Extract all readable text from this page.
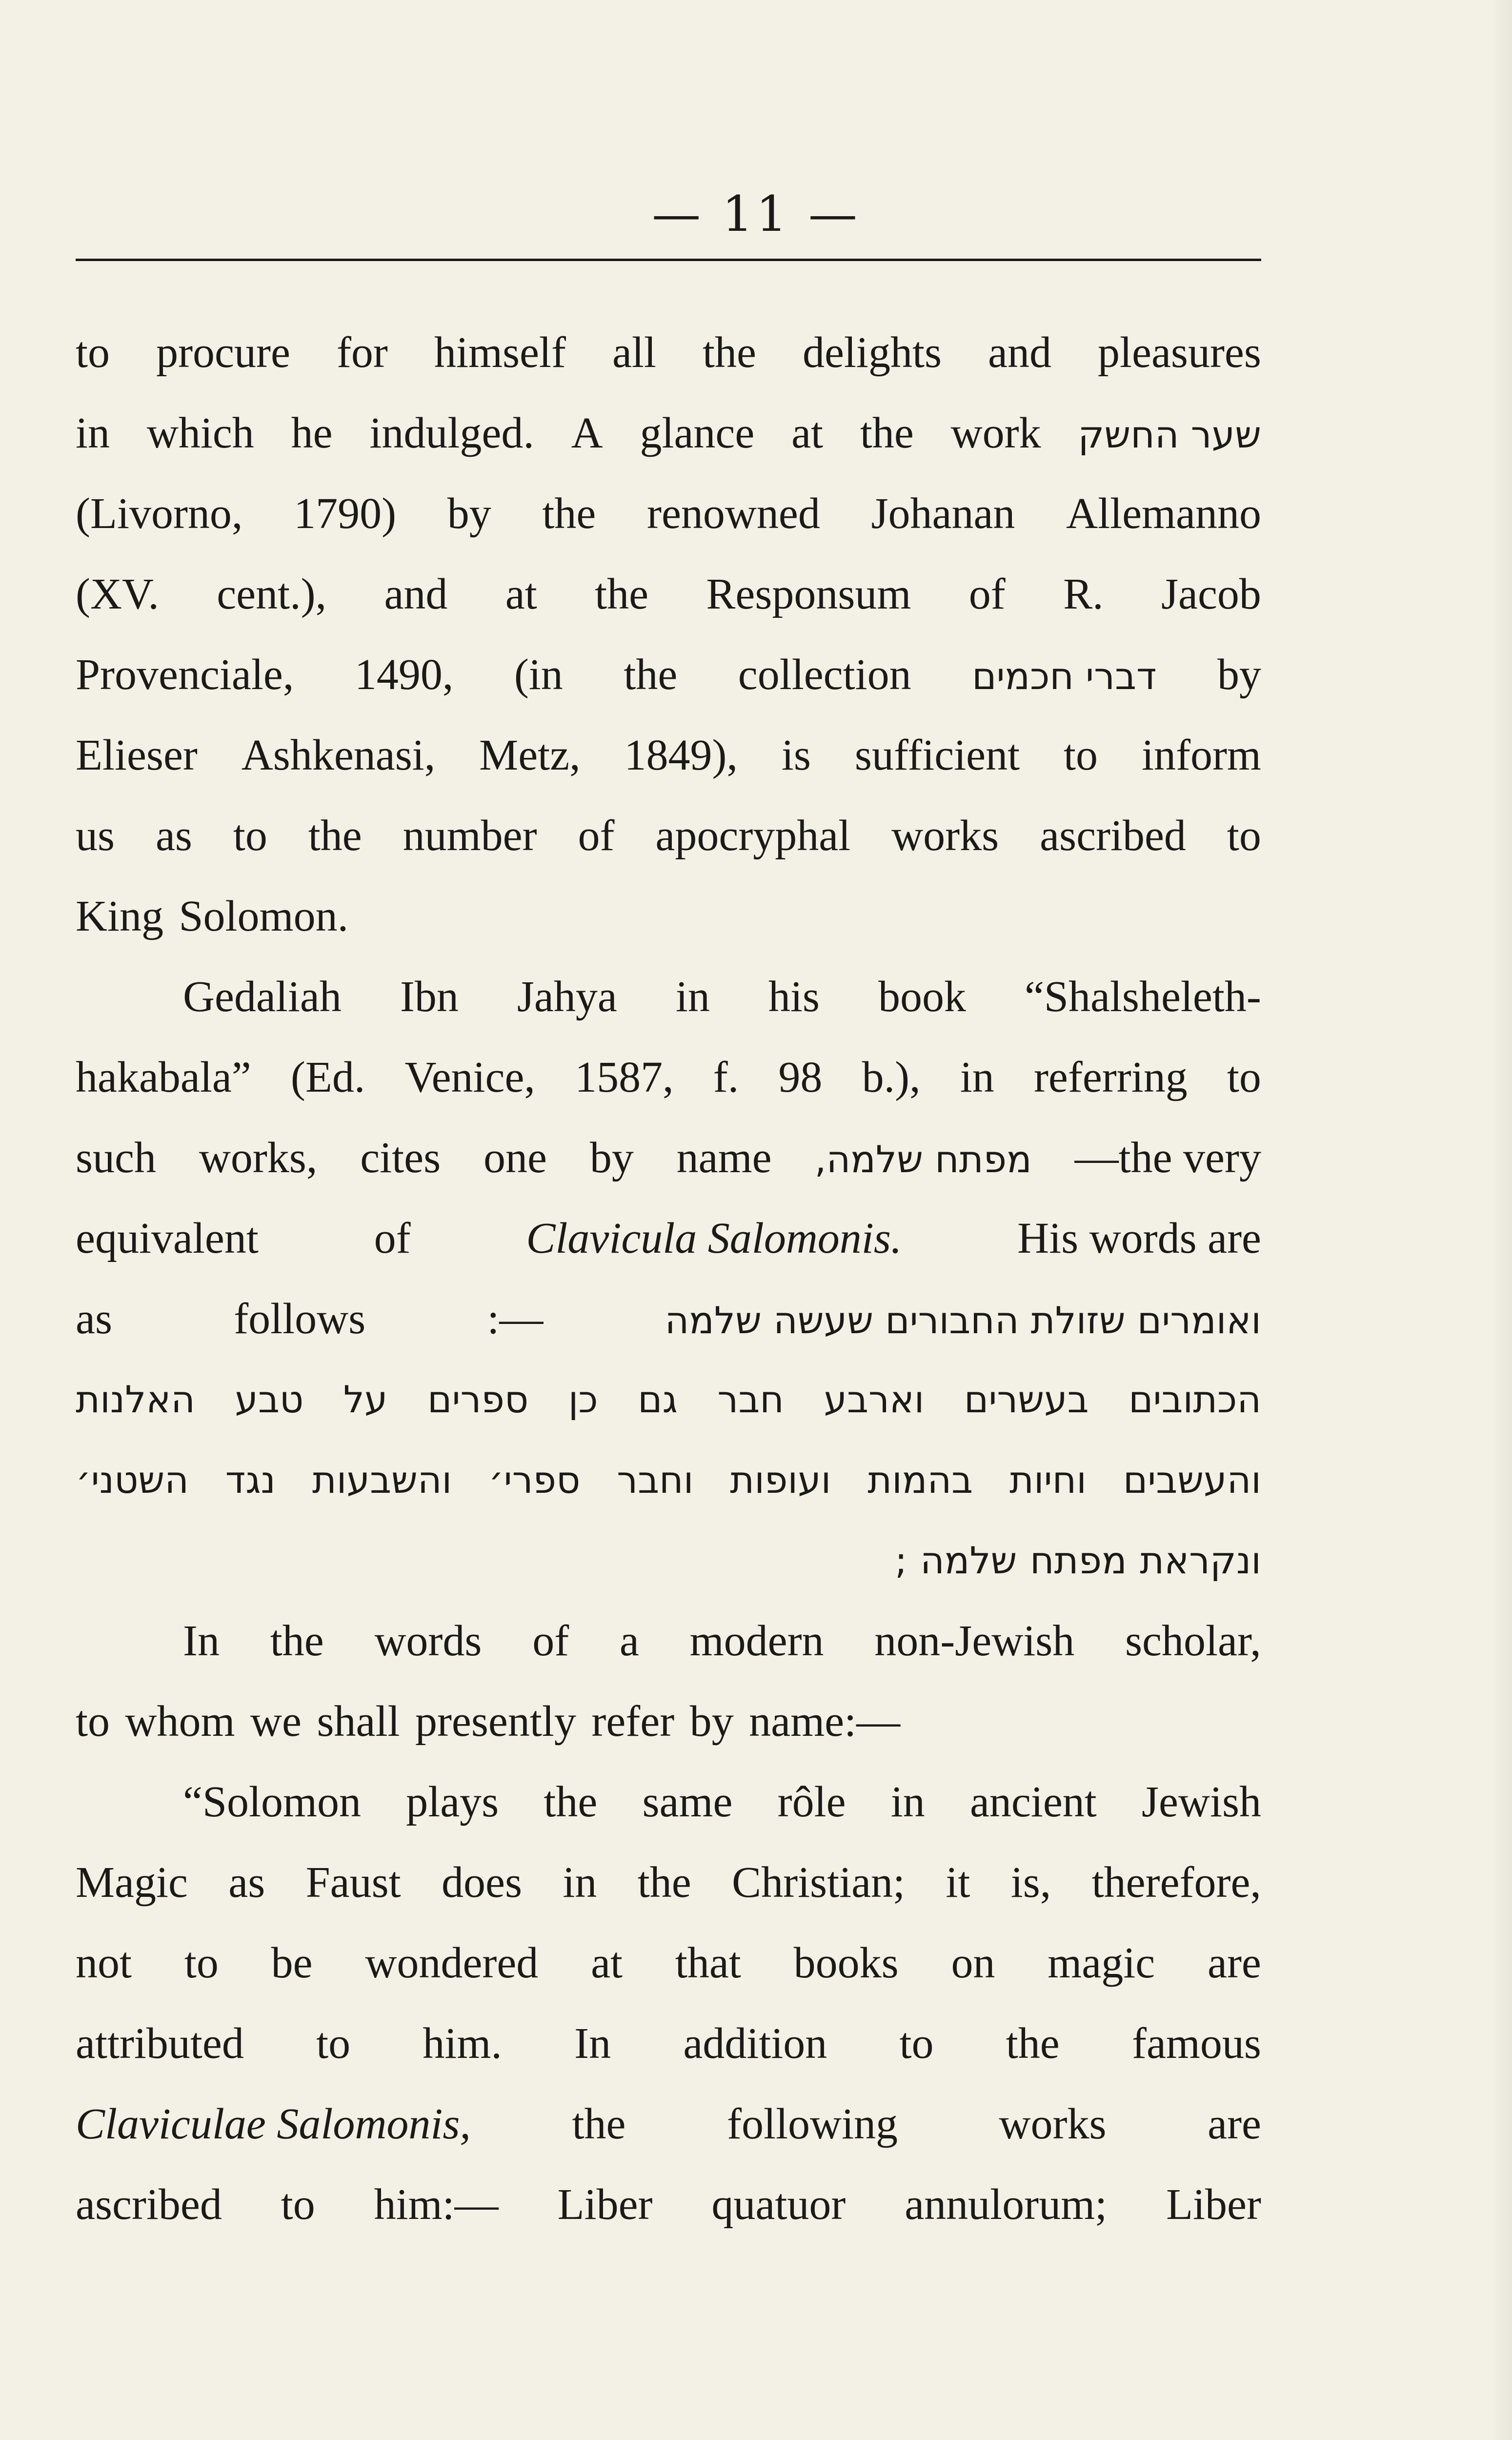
— 11 —
to procure for himself all the delights and pleasures
in which he indulged. A glance at the work שער החשק
(Livorno, 1790) by the renowned Johanan Allemanno
(XV. cent.), and at the Responsum of R. Jacob
Provenciale, 1490, (in the collection דברי חכמים by
Elieser Ashkenasi, Metz, 1849), is sufficient to inform
us as to the number of apocryphal works ascribed to
King Solomon.
Gedaliah Ibn Jahya in his book “Shalsheleth-
hakabala” (Ed. Venice, 1587, f. 98 b.), in referring to
such works, cites one by name מפתח שלמה, —the very
equivalent	of	Clavicula Salomonis.	His words are
as	follows	:—	ואומרים שזולת החבורים שעשה שלמה
הכתובים
בעשרים
וארבע
חבר
גם
כן
ספרים
על
טבע
האלנות
והעשבים
וחיות
בהמות
ועופות
וחבר
ספרי׳
והשבעות
נגד
השטני׳
ונקראת
מפתח
שלמה
;
In the words of a modern non-Jewish scholar,
to whom we shall presently refer by name:—
“Solomon plays the same rôle in ancient Jewish
Magic as Faust does in the Christian; it is, therefore,
not to be wondered at that books on magic are
attributed to him. In addition to the famous
Claviculae Salomonis, the following works are
ascribed to him:— Liber quatuor annulorum; Liber
